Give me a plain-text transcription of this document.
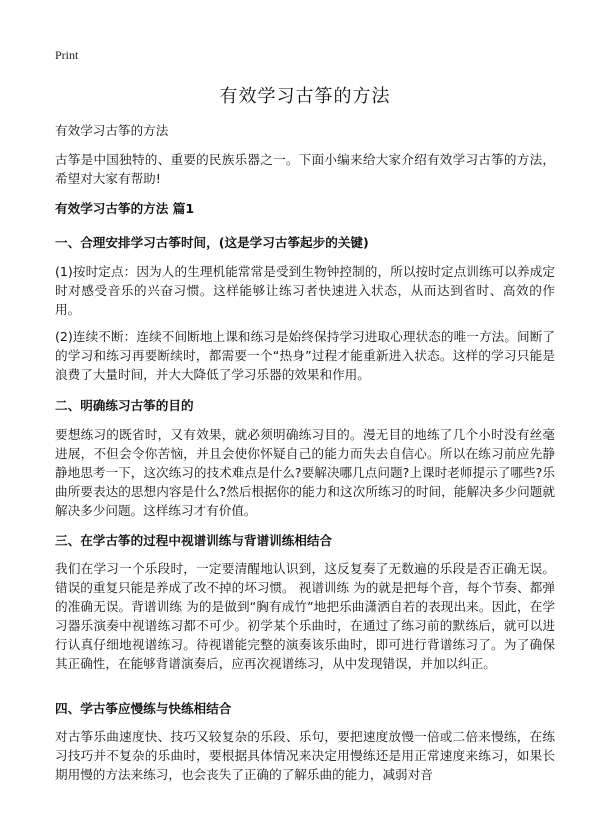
Print
有效学习古筝的方法

有效学习古筝的方法

古筝是中国独特的、重要的民族乐器之一。下面小编来给大家介绍有效学习古筝的方法，希望对大家有帮助!

有效学习古筝的方法 篇1

一、合理安排学习古筝时间，(这是学习古筝起步的关键)

(1)按时定点：因为人的生理机能常常是受到生物钟控制的，所以按时定点训练可以养成定时对感受音乐的兴奋习惯。这样能够让练习者快速进入状态，从而达到省时、高效的作用。

(2)连续不断：连续不间断地上课和练习是始终保持学习进取心理状态的唯一方法。间断了的学习和练习再要断续时，都需要一个“热身”过程才能重新进入状态。这样的学习只能是浪费了大量时间，并大大降低了学习乐器的效果和作用。

二、明确练习古筝的目的

要想练习的既省时，又有效果，就必须明确练习目的。漫无目的地练了几个小时没有丝毫进展，不但会令你苦恼，并且会使你怀疑自己的能力而失去自信心。所以在练习前应先静静地思考一下，这次练习的技术难点是什么?要解决哪几点问题?上课时老师提示了哪些?乐曲所要表达的思想内容是什么?然后根据你的能力和这次所练习的时间，能解决多少问题就解决多少问题。这样练习才有价值。

三、在学古筝的过程中视谱训练与背谱训练相结合

我们在学习一个乐段时，一定要清醒地认识到，这反复奏了无数遍的乐段是否正确无误。错误的重复只能是养成了改不掉的坏习惯。 视谱训练 为的就是把每个音，每个节奏、都弹的准确无误。背谱训练 为的是做到“胸有成竹”地把乐曲潇洒自若的表现出来。因此，在学习器乐演奏中视谱练习都不可少。初学某个乐曲时，在通过了练习前的默练后，就可以进行认真仔细地视谱练习。待视谱能完整的演奏该乐曲时，即可进行背谱练习了。为了确保其正确性，在能够背谱演奏后，应再次视谱练习，从中发现错误，并加以纠正。

四、学古筝应慢练与快练相结合

对古筝乐曲速度快、技巧又较复杂的乐段、乐句，要把速度放慢一倍或二倍来慢练，在练习技巧并不复杂的乐曲时，要根据具体情况来决定用慢练还是用正常速度来练习，如果长期用慢的方法来练习，也会丧失了正确的了解乐曲的能力，减弱对音
